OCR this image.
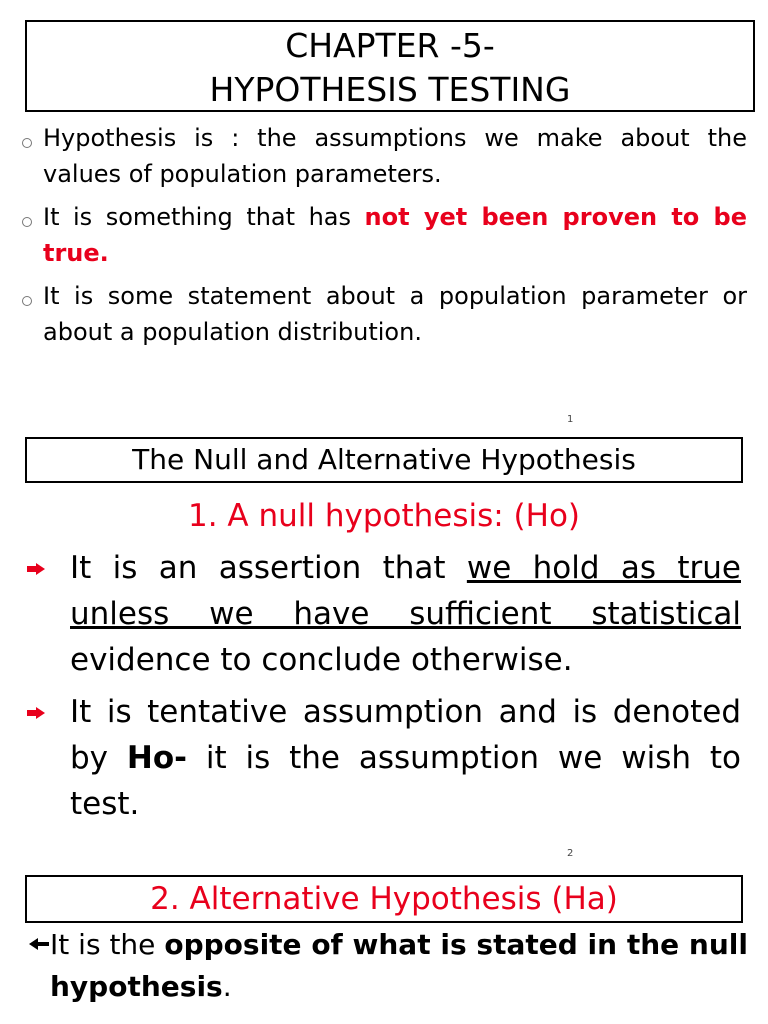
CHAPTER -5-
HYPOTHESIS TESTING
Hypothesis is : the assumptions we make about the values of population parameters.
It is something that has not yet been proven to be true.
It is some statement about a population parameter or about a population distribution.
1
The Null and Alternative Hypothesis
1. A null hypothesis: (Ho)
It is an assertion that we hold as true unless we have sufficient statistical evidence to conclude otherwise.
It is tentative assumption and is denoted by Ho- it is the assumption we wish to test.
2
2. Alternative Hypothesis (Ha)
It is the opposite of what is stated in the null hypothesis.
